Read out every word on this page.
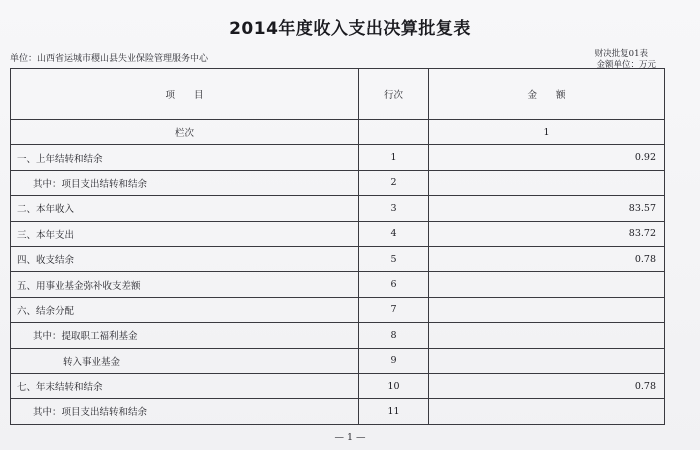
2014年度收入支出决算批复表
单位：山西省运城市稷山县失业保险管理服务中心	财决批复01表
金额单位：万元
项　　目	行次	金　　额
栏次		1
一、上年结转和结余	1	0.92
其中：项目支出结转和结余	2	
二、本年收入	3	83.57
三、本年支出	4	83.72
四、收支结余	5	0.78
五、用事业基金弥补收支差额	6	
六、结余分配	7	
其中：提取职工福利基金	8	
转入事业基金	9	
七、年末结转和结余	10	0.78
其中：项目支出结转和结余	11	
— 1 —
